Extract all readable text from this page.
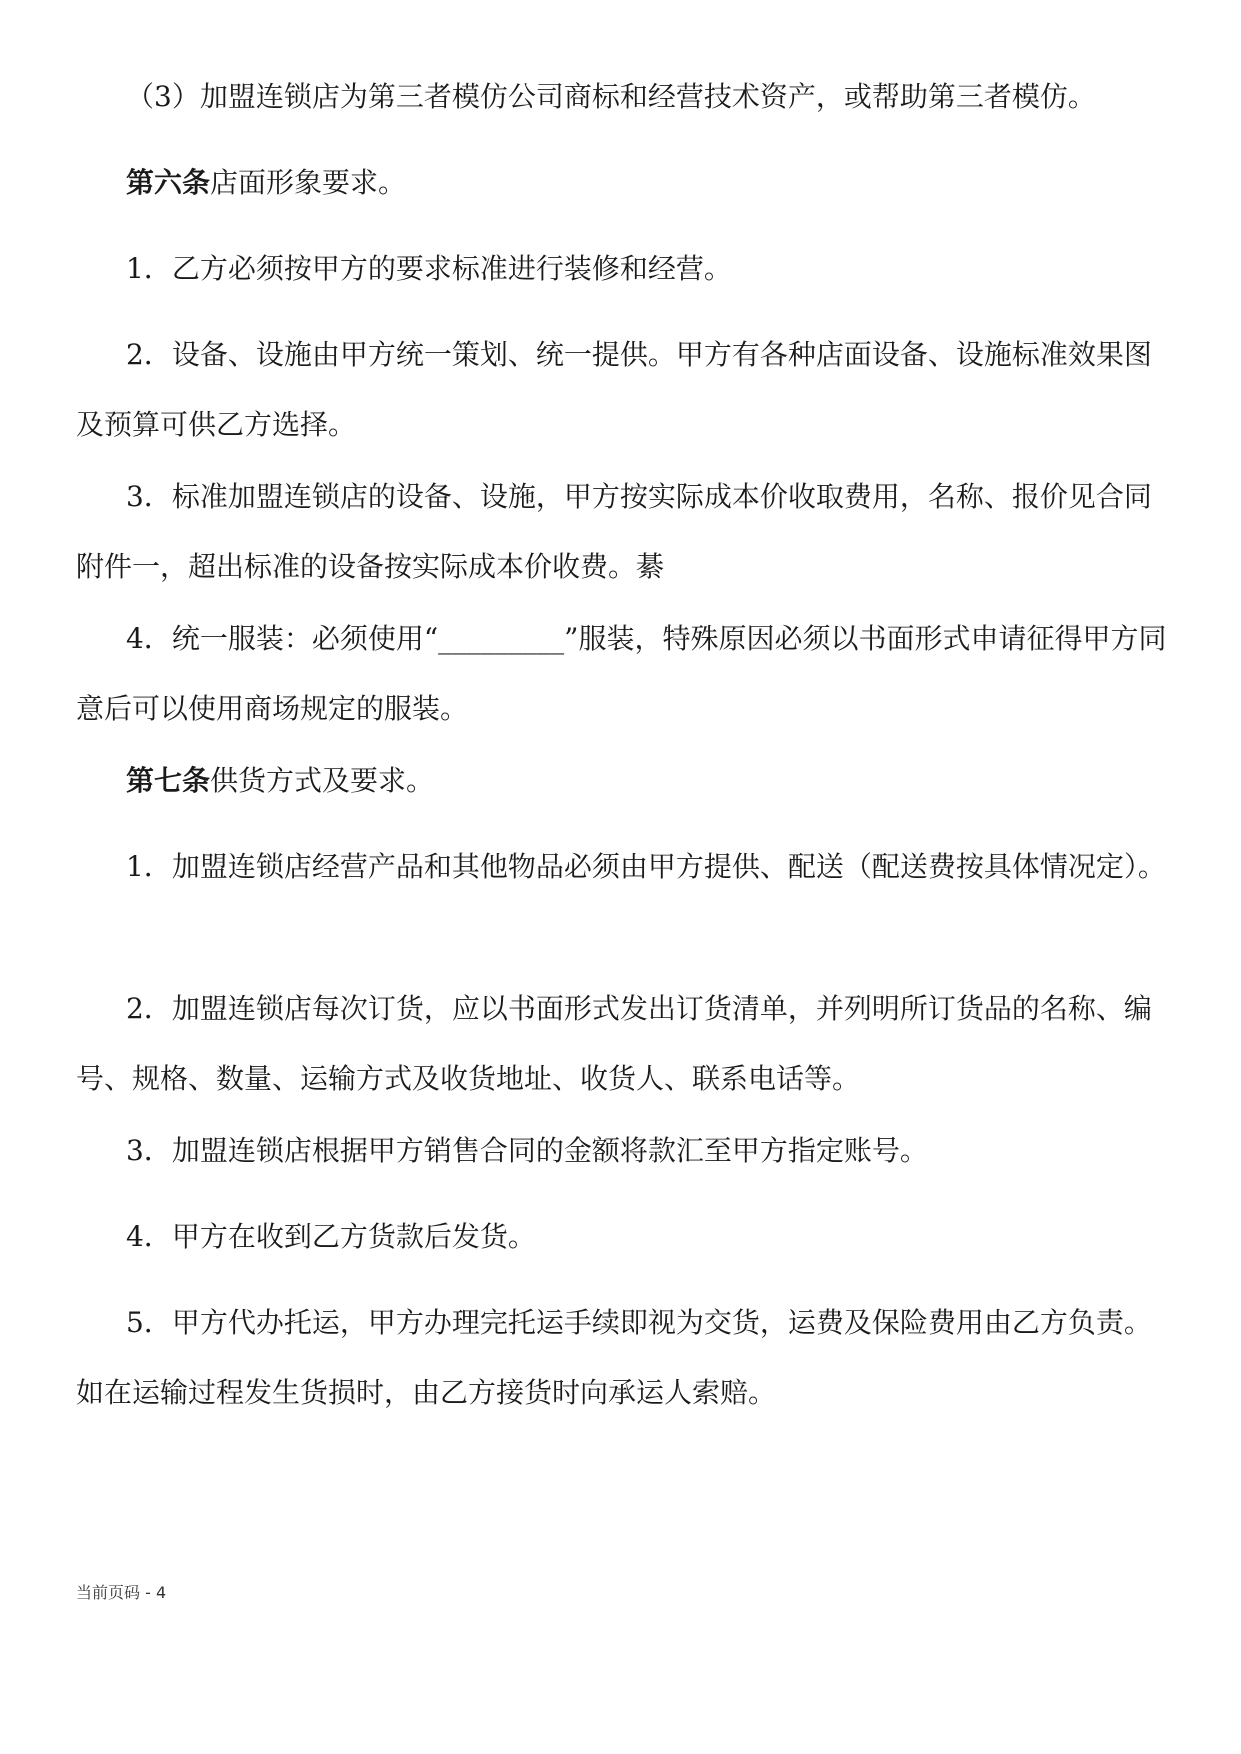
（3）加盟连锁店为第三者模仿公司商标和经营技术资产，或帮助第三者模仿。

第六条店面形象要求。

1．乙方必须按甲方的要求标准进行装修和经营。

2．设备、设施由甲方统一策划、统一提供。甲方有各种店面设备、设施标准效果图及预算可供乙方选择。

3．标准加盟连锁店的设备、设施，甲方按实际成本价收取费用，名称、报价见合同附件一，超出标准的设备按实际成本价收费。綦

4．统一服装：必须使用“_________”服装，特殊原因必须以书面形式申请征得甲方同意后可以使用商场规定的服装。

第七条供货方式及要求。

1．加盟连锁店经营产品和其他物品必须由甲方提供、配送（配送费按具体情况定）。

2．加盟连锁店每次订货，应以书面形式发出订货清单，并列明所订货品的名称、编号、规格、数量、运输方式及收货地址、收货人、联系电话等。

3．加盟连锁店根据甲方销售合同的金额将款汇至甲方指定账号。

4．甲方在收到乙方货款后发货。

5．甲方代办托运，甲方办理完托运手续即视为交货，运费及保险费用由乙方负责。如在运输过程发生货损时，由乙方接货时向承运人索赔。

当前页码 - 4
